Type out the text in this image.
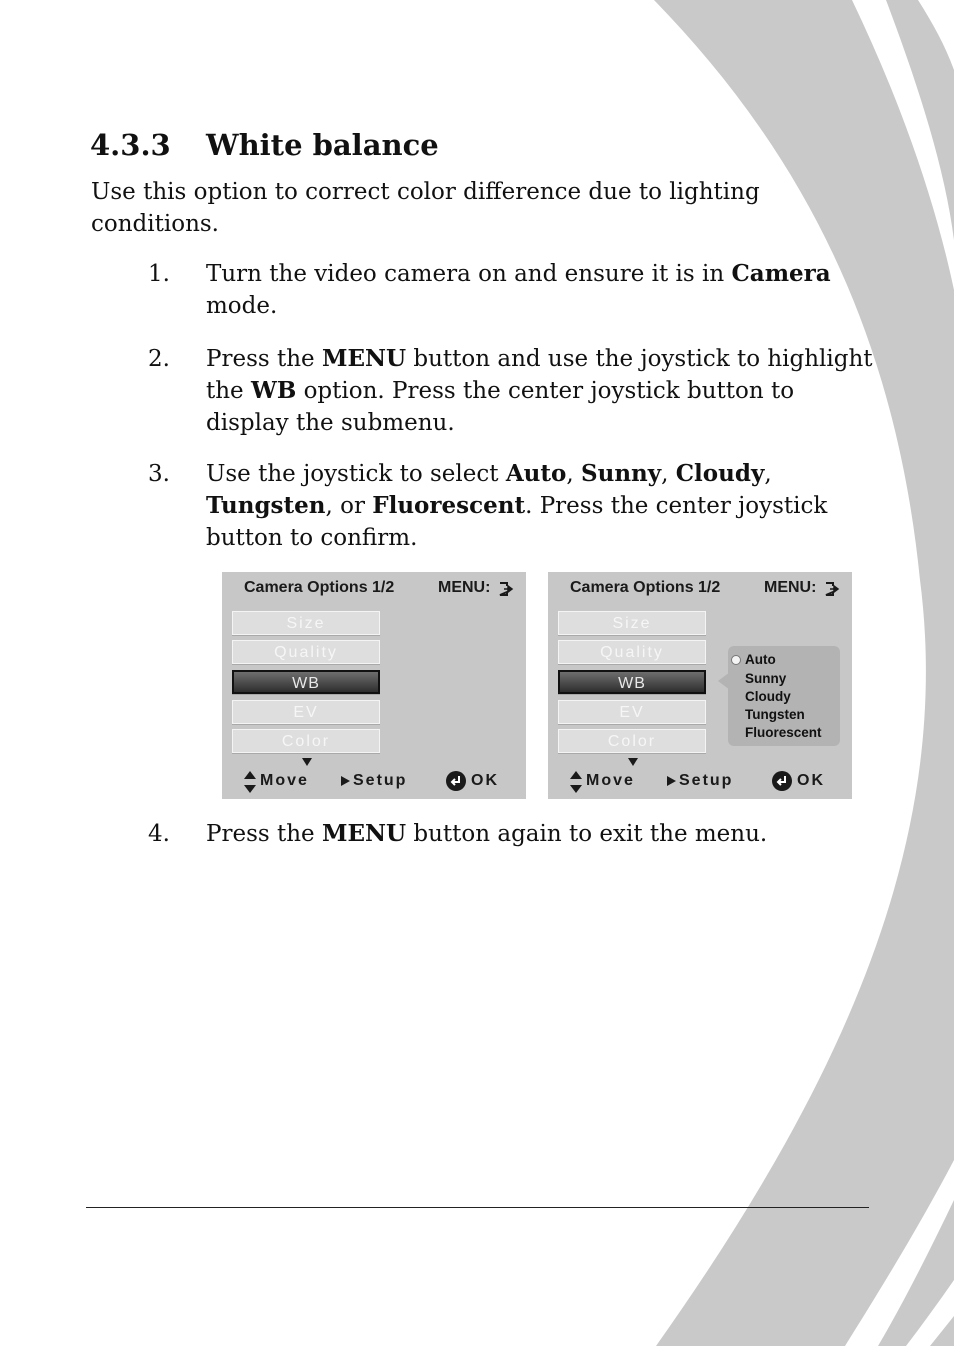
4.3.3 White balance

Use this option to correct color difference due to lighting conditions.

1. Turn the video camera on and ensure it is in Camera mode.
2. Press the MENU button and use the joystick to highlight the WB option. Press the center joystick button to display the submenu.
3. Use the joystick to select Auto, Sunny, Cloudy, Tungsten, or Fluorescent. Press the center joystick button to confirm.
Camera Options 1/2	MENU:
Size
Quality
WB
EV
Color
Move	Setup	OK
Camera Options 1/2	MENU:
Size
Quality
WB
EV
Color
Auto
Sunny
Cloudy
Tungsten
Fluorescent
Move	Setup	OK
4. Press the MENU button again to exit the menu.
